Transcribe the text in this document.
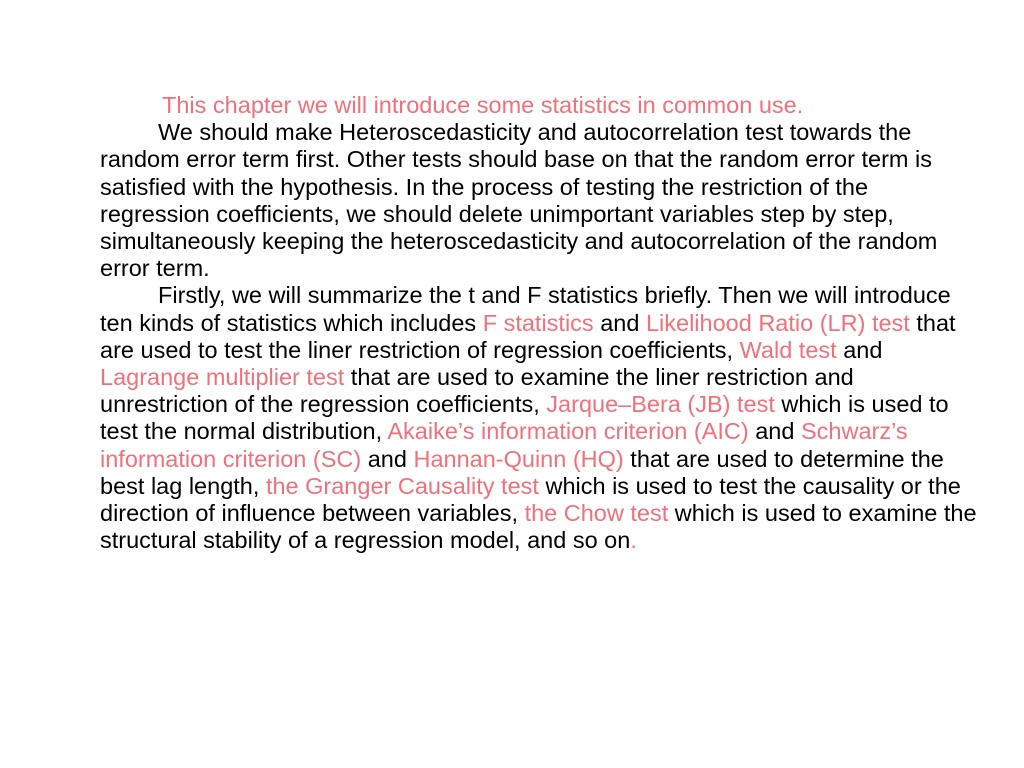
This chapter we will introduce some statistics in common use.

We should make Heteroscedasticity and autocorrelation test towards the random error term first. Other tests should base on that the random error term is satisfied with the hypothesis. In the process of testing the restriction of the regression coefficients, we should delete unimportant variables step by step, simultaneously keeping the heteroscedasticity and autocorrelation of the random error term.

Firstly, we will summarize the t and F statistics briefly. Then we will introduce ten kinds of statistics which includes F statistics and Likelihood Ratio (LR) test that are used to test the liner restriction of regression coefficients, Wald test and Lagrange multiplier test that are used to examine the liner restriction and unrestriction of the regression coefficients, Jarque–Bera (JB) test which is used to test the normal distribution, Akaike’s information criterion (AIC) and Schwarz’s information criterion (SC) and Hannan-Quinn (HQ) that are used to determine the best lag length, the Granger Causality test which is used to test the causality or the direction of influence between variables, the Chow test which is used to examine the structural stability of a regression model, and so on.
